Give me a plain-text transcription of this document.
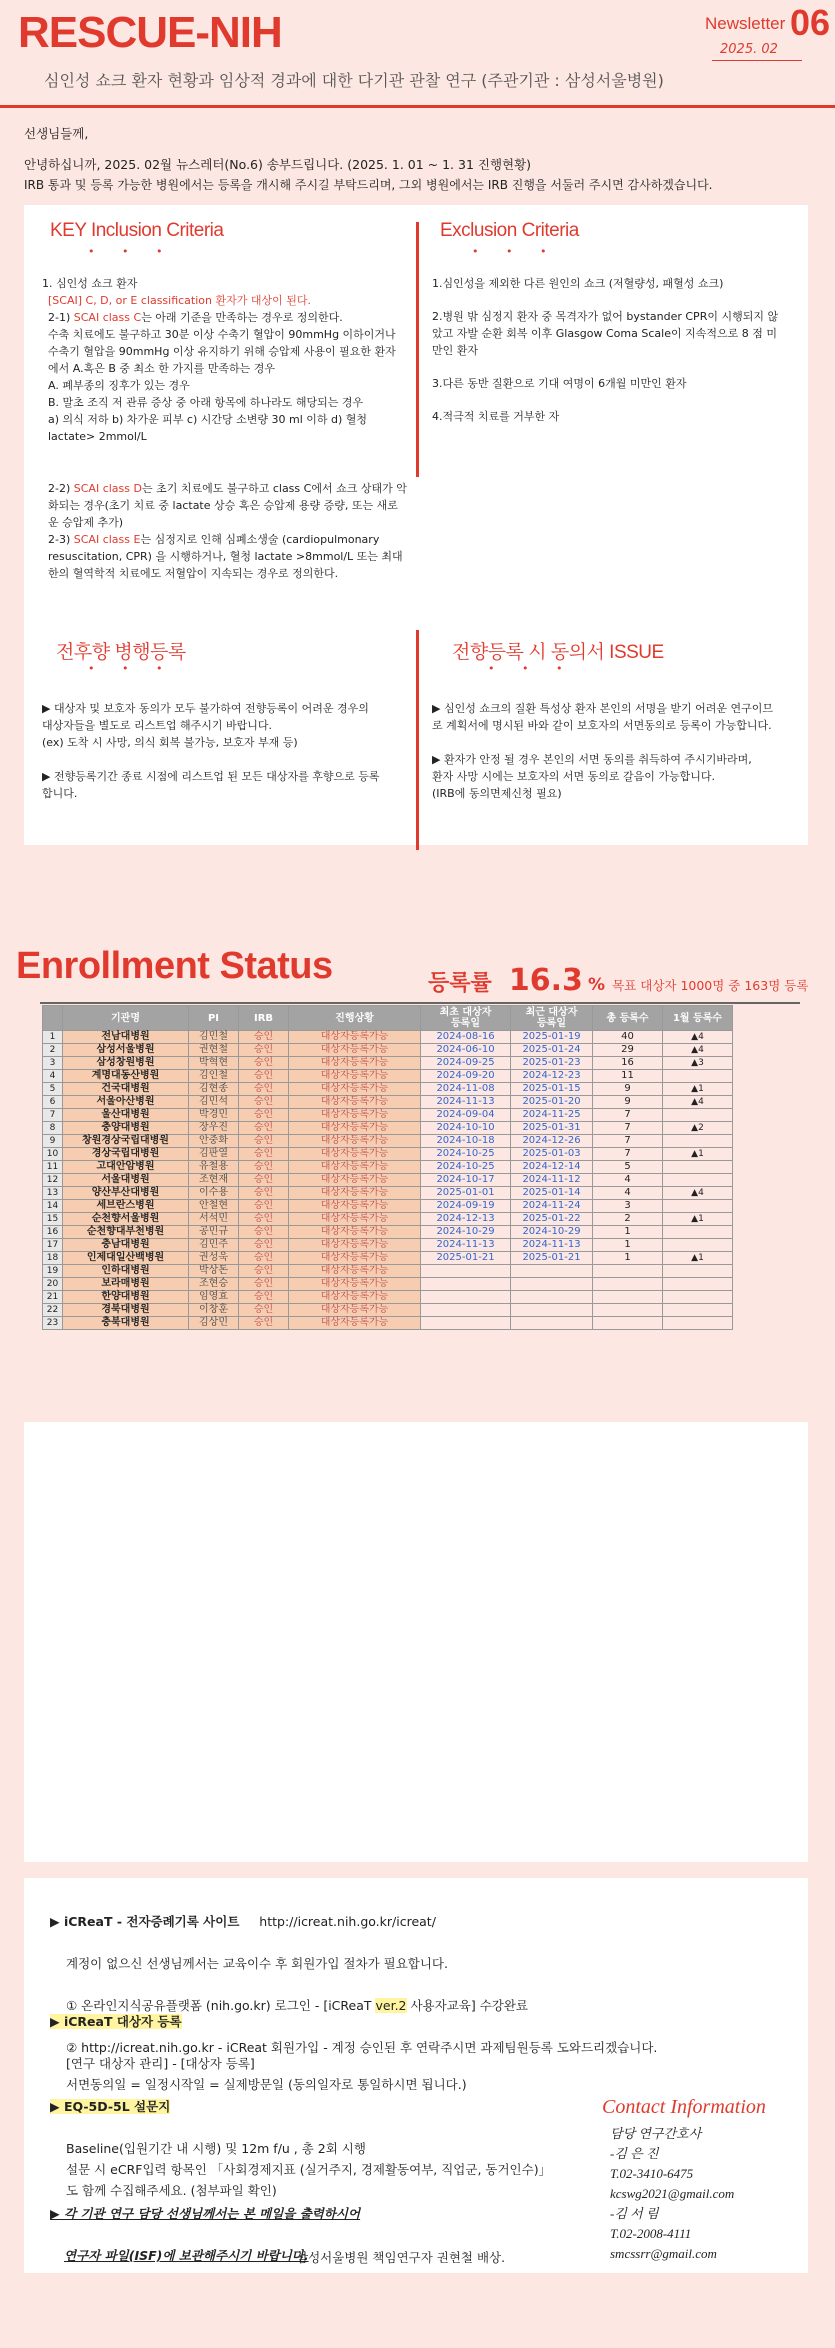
RESCUE-NIH	Newsletter 06
2025. 02
심인성 쇼크 환자 현황과 임상적 경과에 대한 다기관 관찰 연구 (주관기관 : 삼성서울병원)
선생님들께,
안녕하십니까, 2025. 02월 뉴스레터(No.6) 송부드립니다. (2025. 1. 01 ~ 1. 31 진행현황)
IRB 통과 및 등록 가능한 병원에서는 등록을 개시해 주시길 부탁드리며, 그외 병원에서는 IRB 진행을 서둘러 주시면 감사하겠습니다.
KEY Inclusion Criteria
• • •
1. 심인성 쇼크 환자
[SCAI] C, D, or E classification 환자가 대상이 된다.
2-1) SCAI class C는 아래 기준을 만족하는 경우로 정의한다.
수축 치료에도 불구하고 30분 이상 수축기 혈압이 90mmHg 이하이거나
수축기 혈압을 90mmHg 이상 유지하기 위해 승압제 사용이 필요한 환자
에서 A.혹은 B 중 최소 한 가지를 만족하는 경우
A. 폐부종의 징후가 있는 경우
B. 말초 조직 저 관류 증상 중 아래 항목에 하나라도 해당되는 경우
a) 의식 저하 b) 차가운 피부 c) 시간당 소변량 30 ml 이하 d) 혈청
lactate> 2mmol/L
2-2) SCAI class D는 초기 치료에도 불구하고 class C에서 쇼크 상태가 악
화되는 경우(초기 치료 중 lactate 상승 혹은 승압제 용량 증량, 또는 새로
운 승압제 추가)
2-3) SCAI class E는 심정지로 인해 심폐소생술 (cardiopulmonary
resuscitation, CPR) 을 시행하거나, 혈청 lactate >8mmol/L 또는 최대
한의 혈역학적 치료에도 저혈압이 지속되는 경우로 정의한다.
Exclusion Criteria
• • •
1.심인성을 제외한 다른 원인의 쇼크 (저혈량성, 패혈성 쇼크)
2.병원 밖 심정지 환자 중 목격자가 없어 bystander CPR이 시행되지 않
았고 자발 순환 회복 이후 Glasgow Coma Scale이 지속적으로 8 점 미
만인 환자
3.다른 동반 질환으로 기대 여명이 6개월 미만인 환자
4.적극적 치료를 거부한 자
전후향 병행등록
• • •
▶ 대상자 및 보호자 동의가 모두 불가하여 전향등록이 어려운 경우의
대상자들을 별도로 리스트업 해주시기 바랍니다.
(ex) 도착 시 사망, 의식 회복 불가능, 보호자 부재 등)
▶ 전향등록기간 종료 시점에 리스트업 된 모든 대상자를 후향으로 등록
합니다.
전향등록 시 동의서 ISSUE
• • •
▶ 심인성 쇼크의 질환 특성상 환자 본인의 서명을 받기 어려운 연구이므
로 계획서에 명시된 바와 같이 보호자의 서면동의로 등록이 가능합니다.
▶ 환자가 안정 될 경우 본인의 서면 동의를 취득하여 주시기바라며,
환자 사망 시에는 보호자의 서면 동의로 갈음이 가능합니다.
(IRB에 동의면제신청 필요)
Enrollment Status	등록률 16.3 % 목표 대상자 1000명 중 163명 등록
	기관명	PI	IRB	진행상황	최초 대상자
등록일	최근 대상자
등록일	총 등록수	1월 등록수
1	전남대병원	김민철	승인	대상자등록가능	2024-08-16	2025-01-19	40	▲4
2	삼성서울병원	권현철	승인	대상자등록가능	2024-06-10	2025-01-24	29	▲4
3	삼성창원병원	박혁현	승인	대상자등록가능	2024-09-25	2025-01-23	16	▲3
4	계명대동산병원	김인철	승인	대상자등록가능	2024-09-20	2024-12-23	11	
5	건국대병원	김현종	승인	대상자등록가능	2024-11-08	2025-01-15	9	▲1
6	서울아산병원	김민석	승인	대상자등록가능	2024-11-13	2025-01-20	9	▲4
7	울산대병원	박경민	승인	대상자등록가능	2024-09-04	2024-11-25	7	
8	충양대병원	장우진	승인	대상자등록가능	2024-10-10	2025-01-31	7	▲2
9	창원경상국립대병원	안중화	승인	대상자등록가능	2024-10-18	2024-12-26	7	
10	경상국립대병원	김판열	승인	대상자등록가능	2024-10-25	2025-01-03	7	▲1
11	고대안암병원	유철용	승인	대상자등록가능	2024-10-25	2024-12-14	5	
12	서울대병원	조현재	승인	대상자등록가능	2024-10-17	2024-11-12	4	
13	양산부산대병원	이수용	승인	대상자등록가능	2025-01-01	2025-01-14	4	▲4
14	세브란스병원	안철현	승인	대상자등록가능	2024-09-19	2024-11-24	3	
15	순천향서울병원	서석민	승인	대상자등록가능	2024-12-13	2025-01-22	2	▲1
16	순천향대부천병원	공민규	승인	대상자등록가능	2024-10-29	2024-10-29	1	
17	충남대병원	김민주	승인	대상자등록가능	2024-11-13	2024-11-13	1	
18	인제대일산백병원	권성욱	승인	대상자등록가능	2025-01-21	2025-01-21	1	▲1
19	인하대병원	박상돈	승인	대상자등록가능				
20	보라매병원	조현승	승인	대상자등록가능				
21	한양대병원	임영효	승인	대상자등록가능				
22	경북대병원	이창훈	승인	대상자등록가능				
23	충북대병원	김상민	승인	대상자등록가능				

▶ iCReaT - 전자증례기록 사이트 http://icreat.nih.go.kr/icreat/

계정이 없으신 선생님께서는 교육이수 후 회원가입 절차가 필요합니다.

① 온라인지식공유플랫폼 (nih.go.kr) 로그인 - [iCReaT ver.2 사용자교육] 수강완료

② http://icreat.nih.go.kr - iCReat 회원가입 - 계정 승인된 후 연락주시면 과제팀원등록 도와드리겠습니다.

▶ iCReaT 대상자 등록

[연구 대상자 관리] - [대상자 등록]
서면동의일 = 일정시작일 = 실제방문일 (동의일자로 통일하시면 됩니다.)

▶ EQ-5D-5L 설문지

Baseline(입원기간 내 시행) 및 12m f/u , 총 2회 시행
설문 시 eCRF입력 항목인 「사회경제지표 (실거주지, 경제활동여부, 직업군, 동거인수)」
도 함께 수집해주세요. (첨부파일 확인)

▶ 각 기관 연구 담당 선생님께서는 본 메일을 출력하시어

연구자 파일(ISF)에 보관해주시기 바랍니다.

삼성서울병원 책임연구자 권현철 배상.
Contact Information
담당 연구간호사
-김 은 진
T.02-3410-6475
kcswg2021@gmail.com
-김 서 림
T.02-2008-4111
smcssrr@gmail.com
